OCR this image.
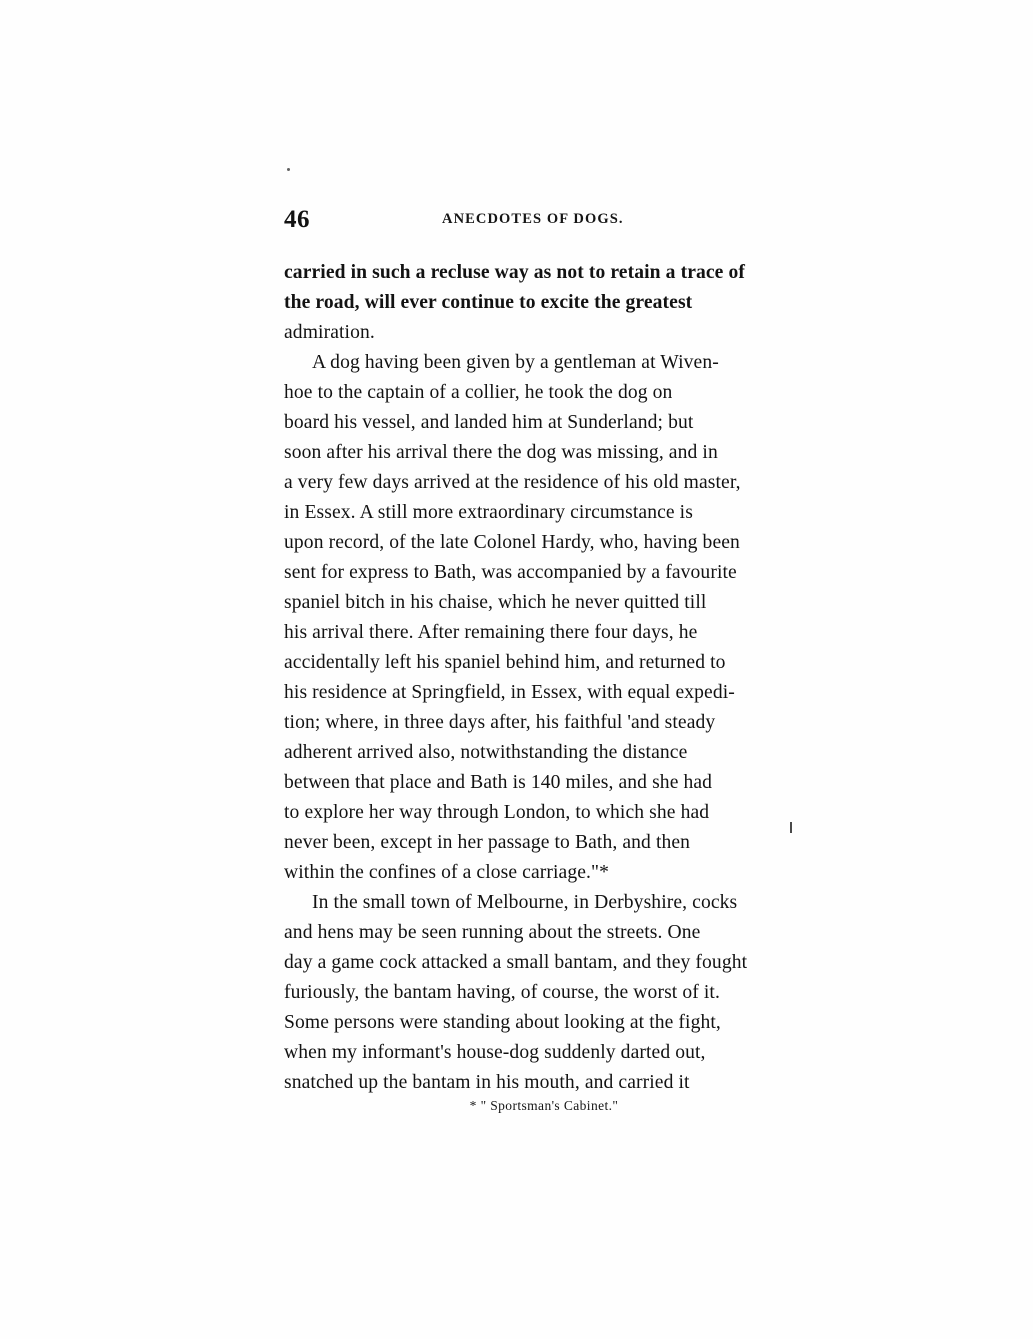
46	ANECDOTES OF DOGS.
carried in such a recluse way as not to retain a trace of
the road, will ever continue to excite the greatest
admiration.
A dog having been given by a gentleman at Wiven-
hoe to the captain of a collier, he took the dog on
board his vessel, and landed him at Sunderland; but
soon after his arrival there the dog was missing, and in
a very few days arrived at the residence of his old master,
in Essex. A still more extraordinary circumstance is
upon record, of the late Colonel Hardy, who, having been
sent for express to Bath, was accompanied by a favourite
spaniel bitch in his chaise, which he never quitted till
his arrival there. After remaining there four days, he
accidentally left his spaniel behind him, and returned to
his residence at Springfield, in Essex, with equal expedi-
tion; where, in three days after, his faithful 'and steady
adherent arrived also, notwithstanding the distance
between that place and Bath is 140 miles, and she had
to explore her way through London, to which she had
never been, except in her passage to Bath, and then
within the confines of a close carriage."*
In the small town of Melbourne, in Derbyshire, cocks
and hens may be seen running about the streets. One
day a game cock attacked a small bantam, and they fought
furiously, the bantam having, of course, the worst of it.
Some persons were standing about looking at the fight,
when my informant's house-dog suddenly darted out,
snatched up the bantam in his mouth, and carried it
* " Sportsman's Cabinet."
